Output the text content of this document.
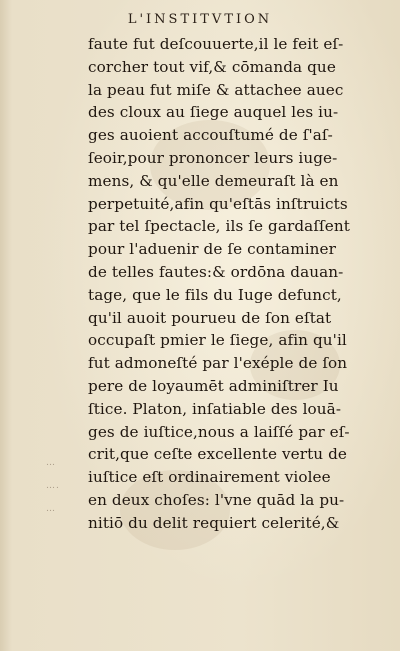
L'INSTITVTION
faute fut deſcouuerte,il le feit eſ-
corcher tout vif,& cōmanda que
la peau fut miſe & attachee auec
des cloux au ſiege auquel les iu-
ges auoient accouſtumé de ſ'aſ-
ſeoir,pour prononcer leurs iuge-
mens, & qu'elle demeuraſt là en
perpetuité,afin qu'eſtās inſtruicts
par tel ſpectacle, ils ſe gardaſſent
pour l'aduenir de ſe contaminer
de telles fautes:& ordōna dauan-
tage, que le fils du Iuge defunct,
qu'il auoit pourueu de ſon eſtat
occupaſt pmier le ſiege, afin qu'il
fut admoneſté par l'exéple de ſon
pere de loyaumēt adminiſtrer Iu
ſtice. Platon, inſatiable des louā-
ges de iuſtice,nous a laiſſé par eſ-
crit,que ceſte excellente vertu de
iuſtice eſt ordinairement violee
en deux choſes: l'vne quād la pu-
nitiō du delit requiert celerité,&
…
….
…
